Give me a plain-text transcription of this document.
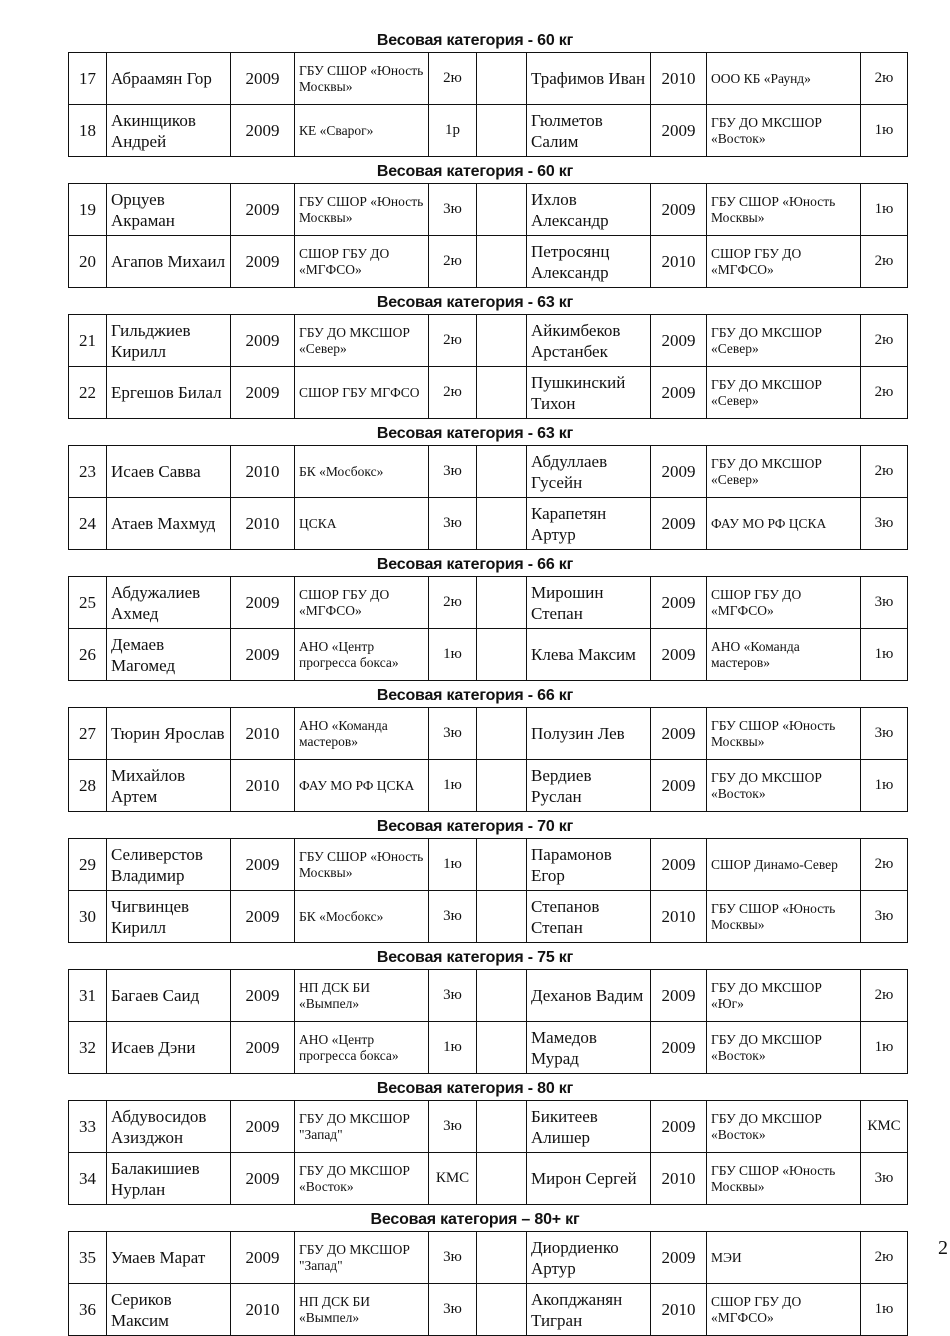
Весовая категория - 60 кг
17	Абраамян Гор	2009	ГБУ СШОР «Юность Москвы»	2ю		Трафимов Иван	2010	ООО КБ «Раунд»	2ю
18	Акинщиков Андрей	2009	КЕ «Сварог»	1р		Гюлметов Салим	2009	ГБУ ДО МКСШОР «Восток»	1ю
Весовая категория - 60 кг
19	Орцуев Акраман	2009	ГБУ СШОР «Юность Москвы»	3ю		Ихлов Александр	2009	ГБУ СШОР «Юность Москвы»	1ю
20	Агапов Михаил	2009	СШОР ГБУ ДО «МГФСО»	2ю		Петросянц Александр	2010	СШОР ГБУ ДО «МГФСО»	2ю
Весовая категория - 63 кг
21	Гильджиев Кирилл	2009	ГБУ ДО МКСШОР «Север»	2ю		Айкимбеков Арстанбек	2009	ГБУ ДО МКСШОР «Север»	2ю
22	Ергешов Билал	2009	СШОР ГБУ МГФСО	2ю		Пушкинский Тихон	2009	ГБУ ДО МКСШОР «Север»	2ю
Весовая категория - 63 кг
23	Исаев Савва	2010	БК «Мосбокс»	3ю		Абдуллаев Гусейн	2009	ГБУ ДО МКСШОР «Север»	2ю
24	Атаев Махмуд	2010	ЦСКА	3ю		Карапетян Артур	2009	ФАУ МО РФ ЦСКА	3ю
Весовая категория - 66 кг
25	Абдужалиев Ахмед	2009	СШОР ГБУ ДО «МГФСО»	2ю		Мирошин Степан	2009	СШОР ГБУ ДО «МГФСО»	3ю
26	Демаев Магомед	2009	АНО «Центр прогресса бокса»	1ю		Клева Максим	2009	АНО «Команда мастеров»	1ю
Весовая категория - 66 кг
27	Тюрин Ярослав	2010	АНО «Команда мастеров»	3ю		Полузин Лев	2009	ГБУ СШОР «Юность Москвы»	3ю
28	Михайлов Артем	2010	ФАУ МО РФ ЦСКА	1ю		Вердиев Руслан	2009	ГБУ ДО МКСШОР «Восток»	1ю
Весовая категория - 70 кг
29	Селиверстов Владимир	2009	ГБУ СШОР «Юность Москвы»	1ю		Парамонов Егор	2009	СШОР Динамо-Север	2ю
30	Чигвинцев Кирилл	2009	БК «Мосбокс»	3ю		Степанов Степан	2010	ГБУ СШОР «Юность Москвы»	3ю
Весовая категория - 75 кг
31	Багаев Саид	2009	НП ДСК БИ «Вымпел»	3ю		Деханов Вадим	2009	ГБУ ДО МКСШОР «Юг»	2ю
32	Исаев Дэни	2009	АНО «Центр прогресса бокса»	1ю		Мамедов Мурад	2009	ГБУ ДО МКСШОР «Восток»	1ю
Весовая категория - 80 кг
33	Абдувосидов Азизджон	2009	ГБУ ДО МКСШОР "Запад"	3ю		Бикитеев Алишер	2009	ГБУ ДО МКСШОР «Восток»	КМС
34	Балакишиев Нурлан	2009	ГБУ ДО МКСШОР «Восток»	КМС		Мирон Сергей	2010	ГБУ СШОР «Юность Москвы»	3ю
Весовая категория – 80+ кг
35	Умаев Марат	2009	ГБУ ДО МКСШОР "Запад"	3ю		Диордиенко Артур	2009	МЭИ	2ю
36	Сериков Максим	2010	НП ДСК БИ «Вымпел»	3ю		Акопджанян Тигран	2010	СШОР ГБУ ДО «МГФСО»	1ю
2
